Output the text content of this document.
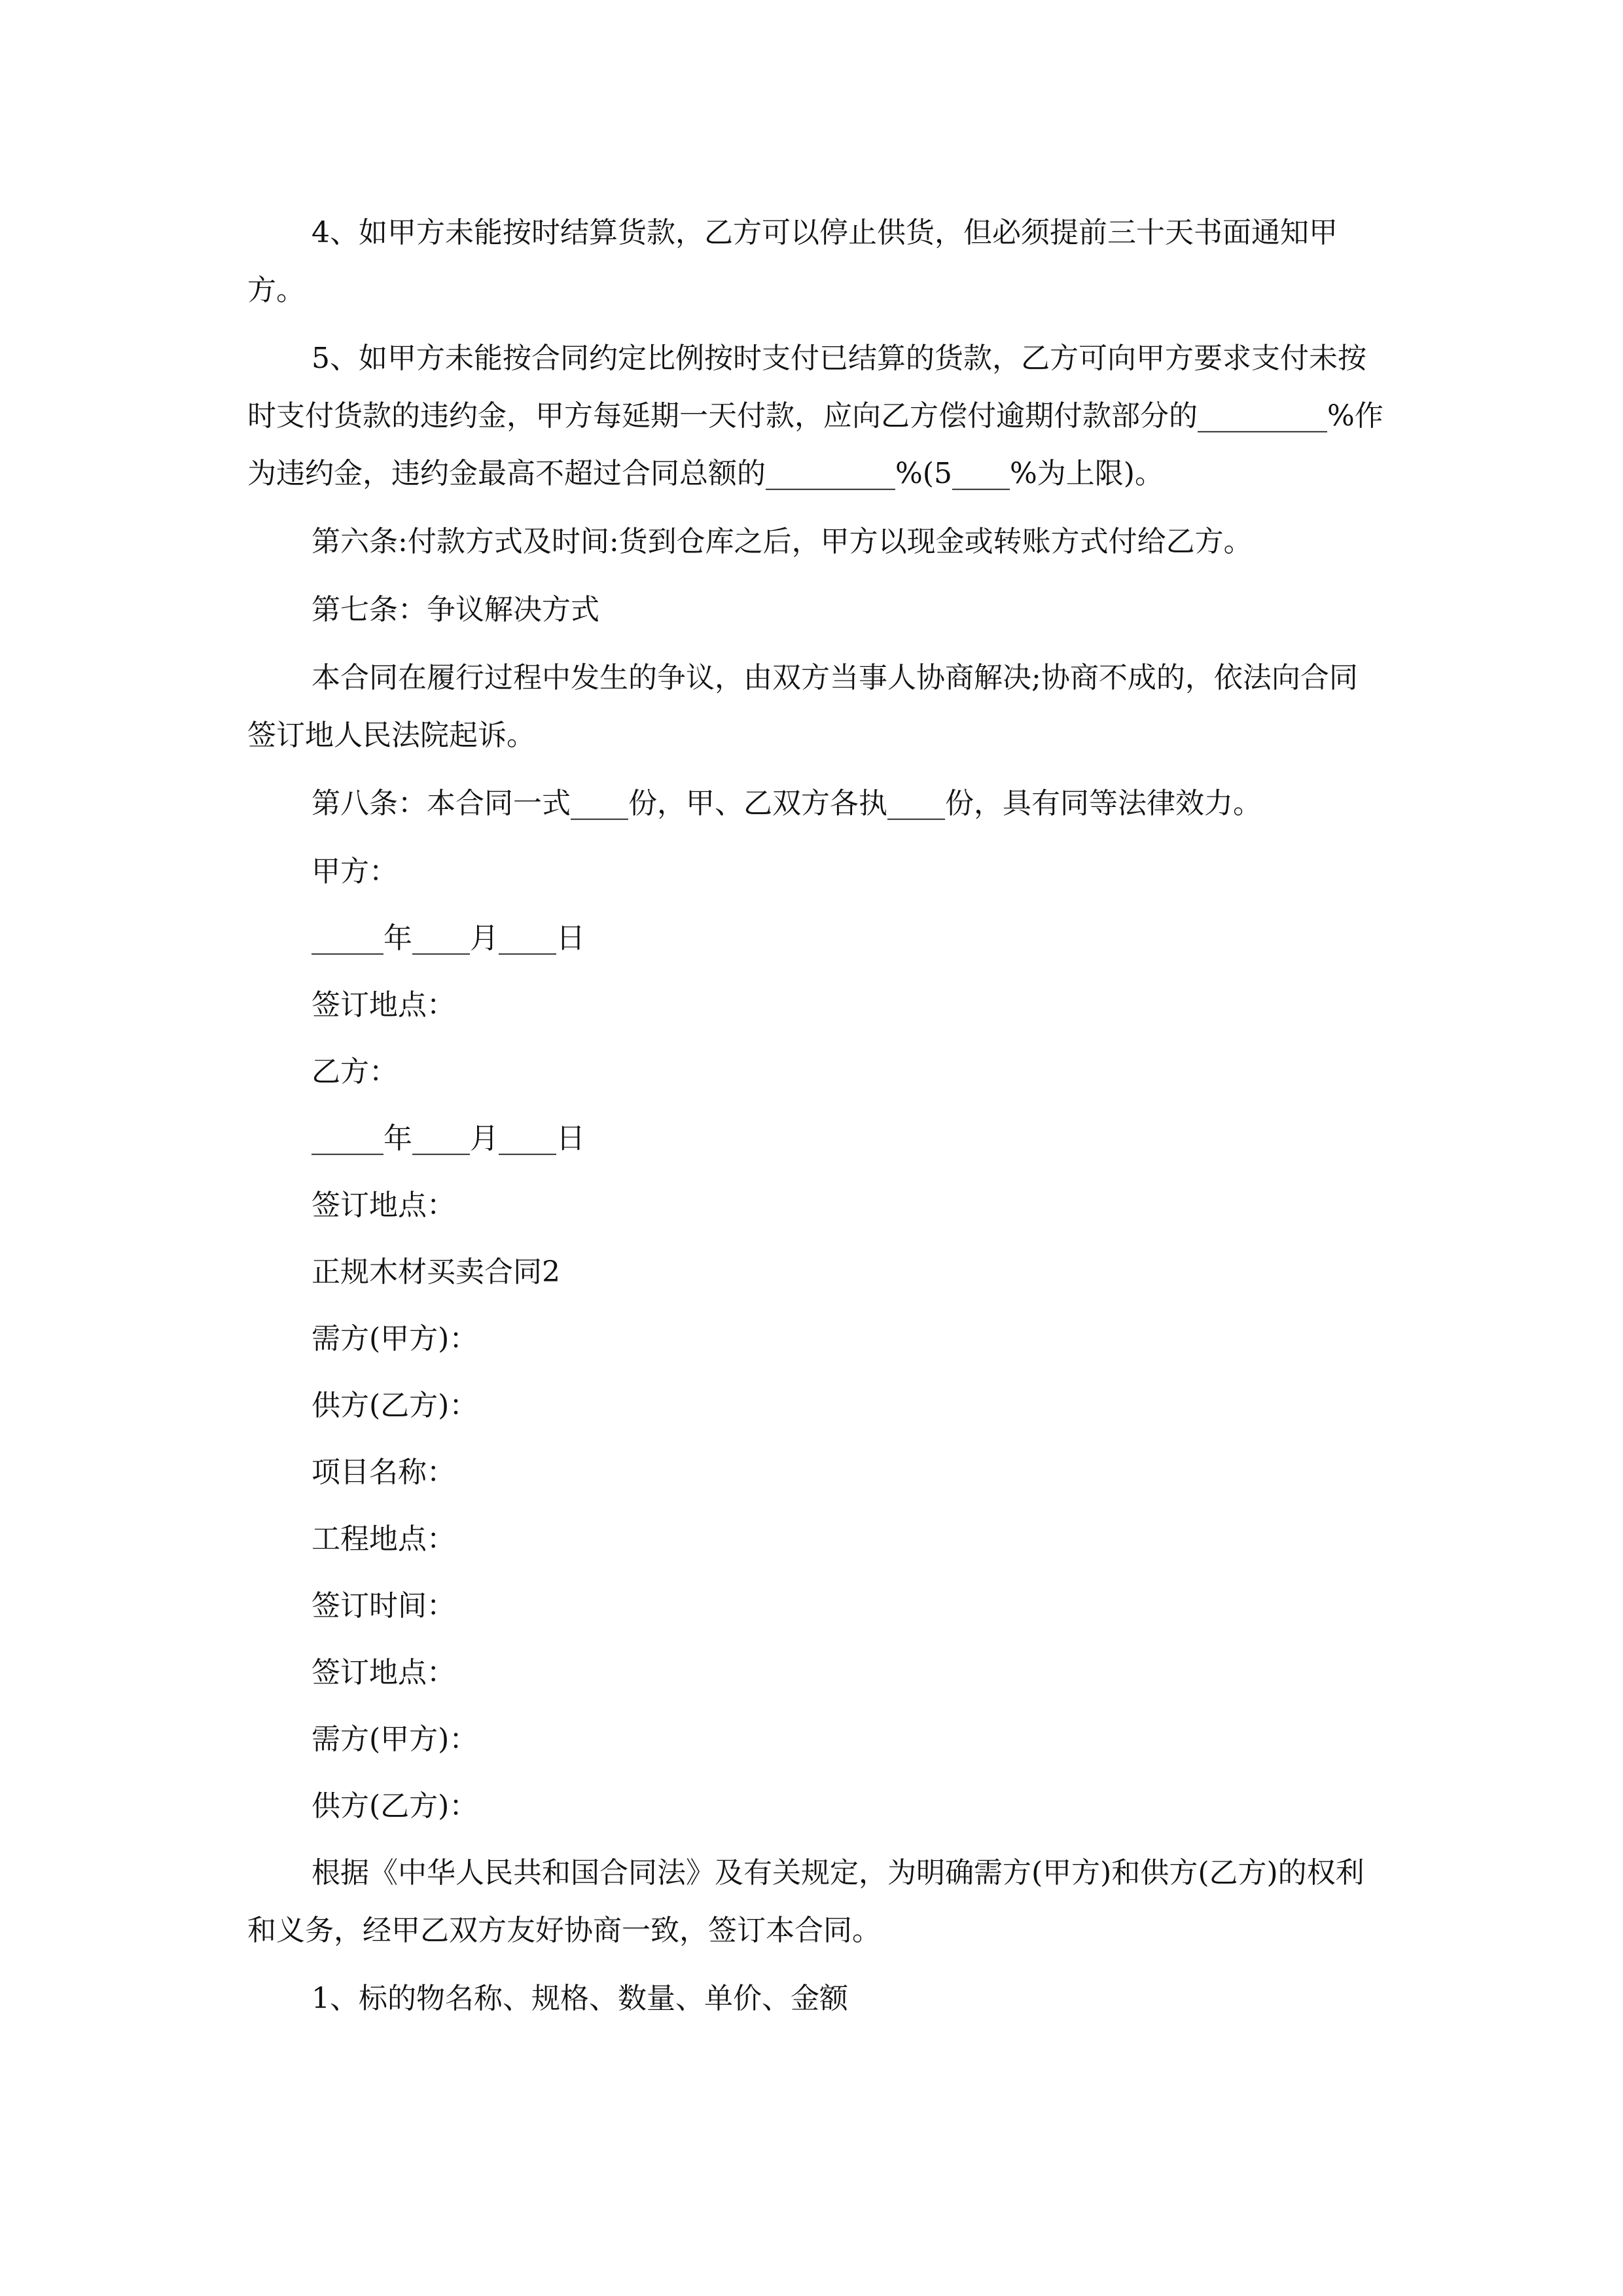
4、如甲方未能按时结算货款，乙方可以停止供货，但必须提前三十天书面通知甲方。

5、如甲方未能按合同约定比例按时支付已结算的货款，乙方可向甲方要求支付未按时支付货款的违约金，甲方每延期一天付款，应向乙方偿付逾期付款部分的_________%作为违约金，违约金最高不超过合同总额的_________%(5____%为上限)。

第六条:付款方式及时间:货到仓库之后，甲方以现金或转账方式付给乙方。

第七条：争议解决方式

本合同在履行过程中发生的争议，由双方当事人协商解决;协商不成的，依法向合同签订地人民法院起诉。

第八条：本合同一式____份，甲、乙双方各执____份，具有同等法律效力。

甲方：
_____年____月____日
签订地点：
乙方：
_____年____月____日
签订地点：
正规木材买卖合同2
需方(甲方)：
供方(乙方)：
项目名称：
工程地点：
签订时间：
签订地点：
需方(甲方)：
供方(乙方)：

根据《中华人民共和国合同法》及有关规定，为明确需方(甲方)和供方(乙方)的权利和义务，经甲乙双方友好协商一致，签订本合同。

1、标的物名称、规格、数量、单价、金额
